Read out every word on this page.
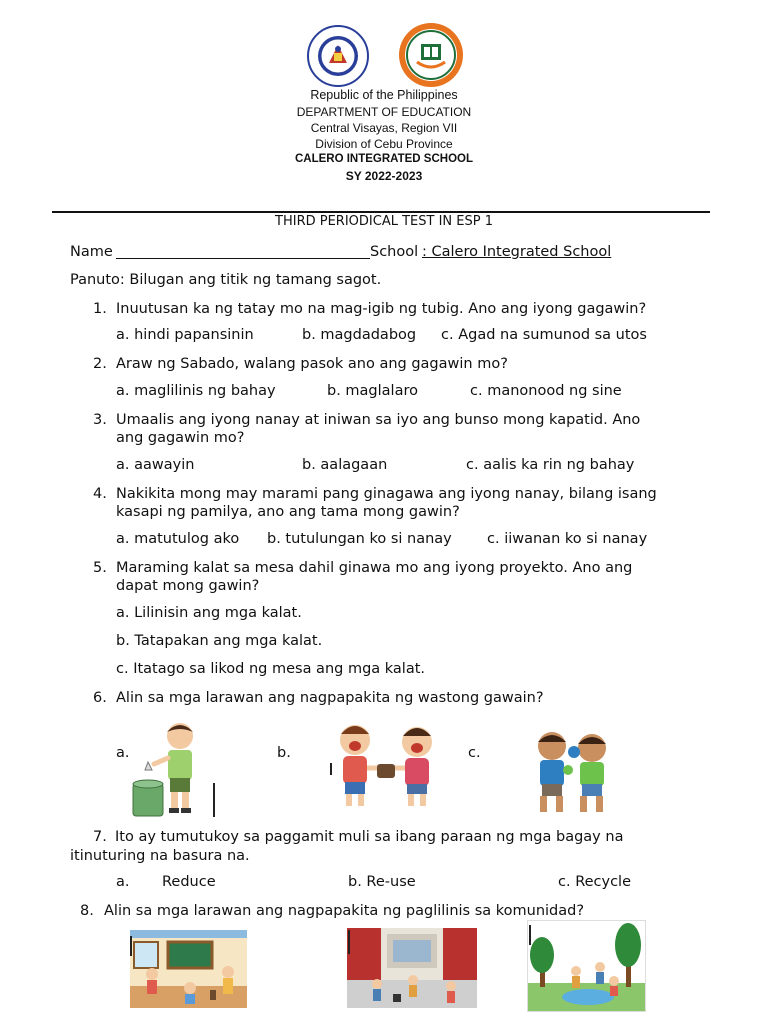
Republic of the Philippines
DEPARTMENT OF EDUCATION
Central Visayas, Region VII
Division of Cebu Province
CALERO INTEGRATED SCHOOL
SY 2022-2023
THIRD PERIODICAL TEST IN ESP 1
Name	School : Calero Integrated School
Panuto: Bilugan ang titik ng tamang sagot.
1. Inuutusan ka ng tatay mo na mag-igib ng tubig. Ano ang iyong gagawin?
a. hindi papansinin	b. magdadabog c. Agad na sumunod sa utos
2. Araw ng Sabado, walang pasok ano ang gagawin mo?
a. maglilinis ng bahay	b. maglalaro	c. manonood ng sine
3. Umaalis ang iyong nanay at iniwan sa iyo ang bunso mong kapatid. Ano
ang gagawin mo?
a. aawayin	b. aalagaan	c. aalis ka rin ng bahay
4. Nakikita mong may marami pang ginagawa ang iyong nanay, bilang isang
kasapi ng pamilya, ano ang tama mong gawin?
a. matutulog ako b. tutulungan ko si nanay c. iiwanan ko si nanay
5. Maraming kalat sa mesa dahil ginawa mo ang iyong proyekto. Ano ang
dapat mong gawin?
a. Lilinisin ang mga kalat.
b. Tatapakan ang mga kalat.
c. Itatago sa likod ng mesa ang mga kalat.
6. Alin sa mga larawan ang nagpapakita ng wastong gawain?
a.	b.	c.
7. Ito ay tumutukoy sa paggamit muli sa ibang paraan ng mga bagay na
itinuturing na basura na.
a. Reduce	b. Re-use	c. Recycle
8. Alin sa mga larawan ang nagpapakita ng paglilinis sa komunidad?
